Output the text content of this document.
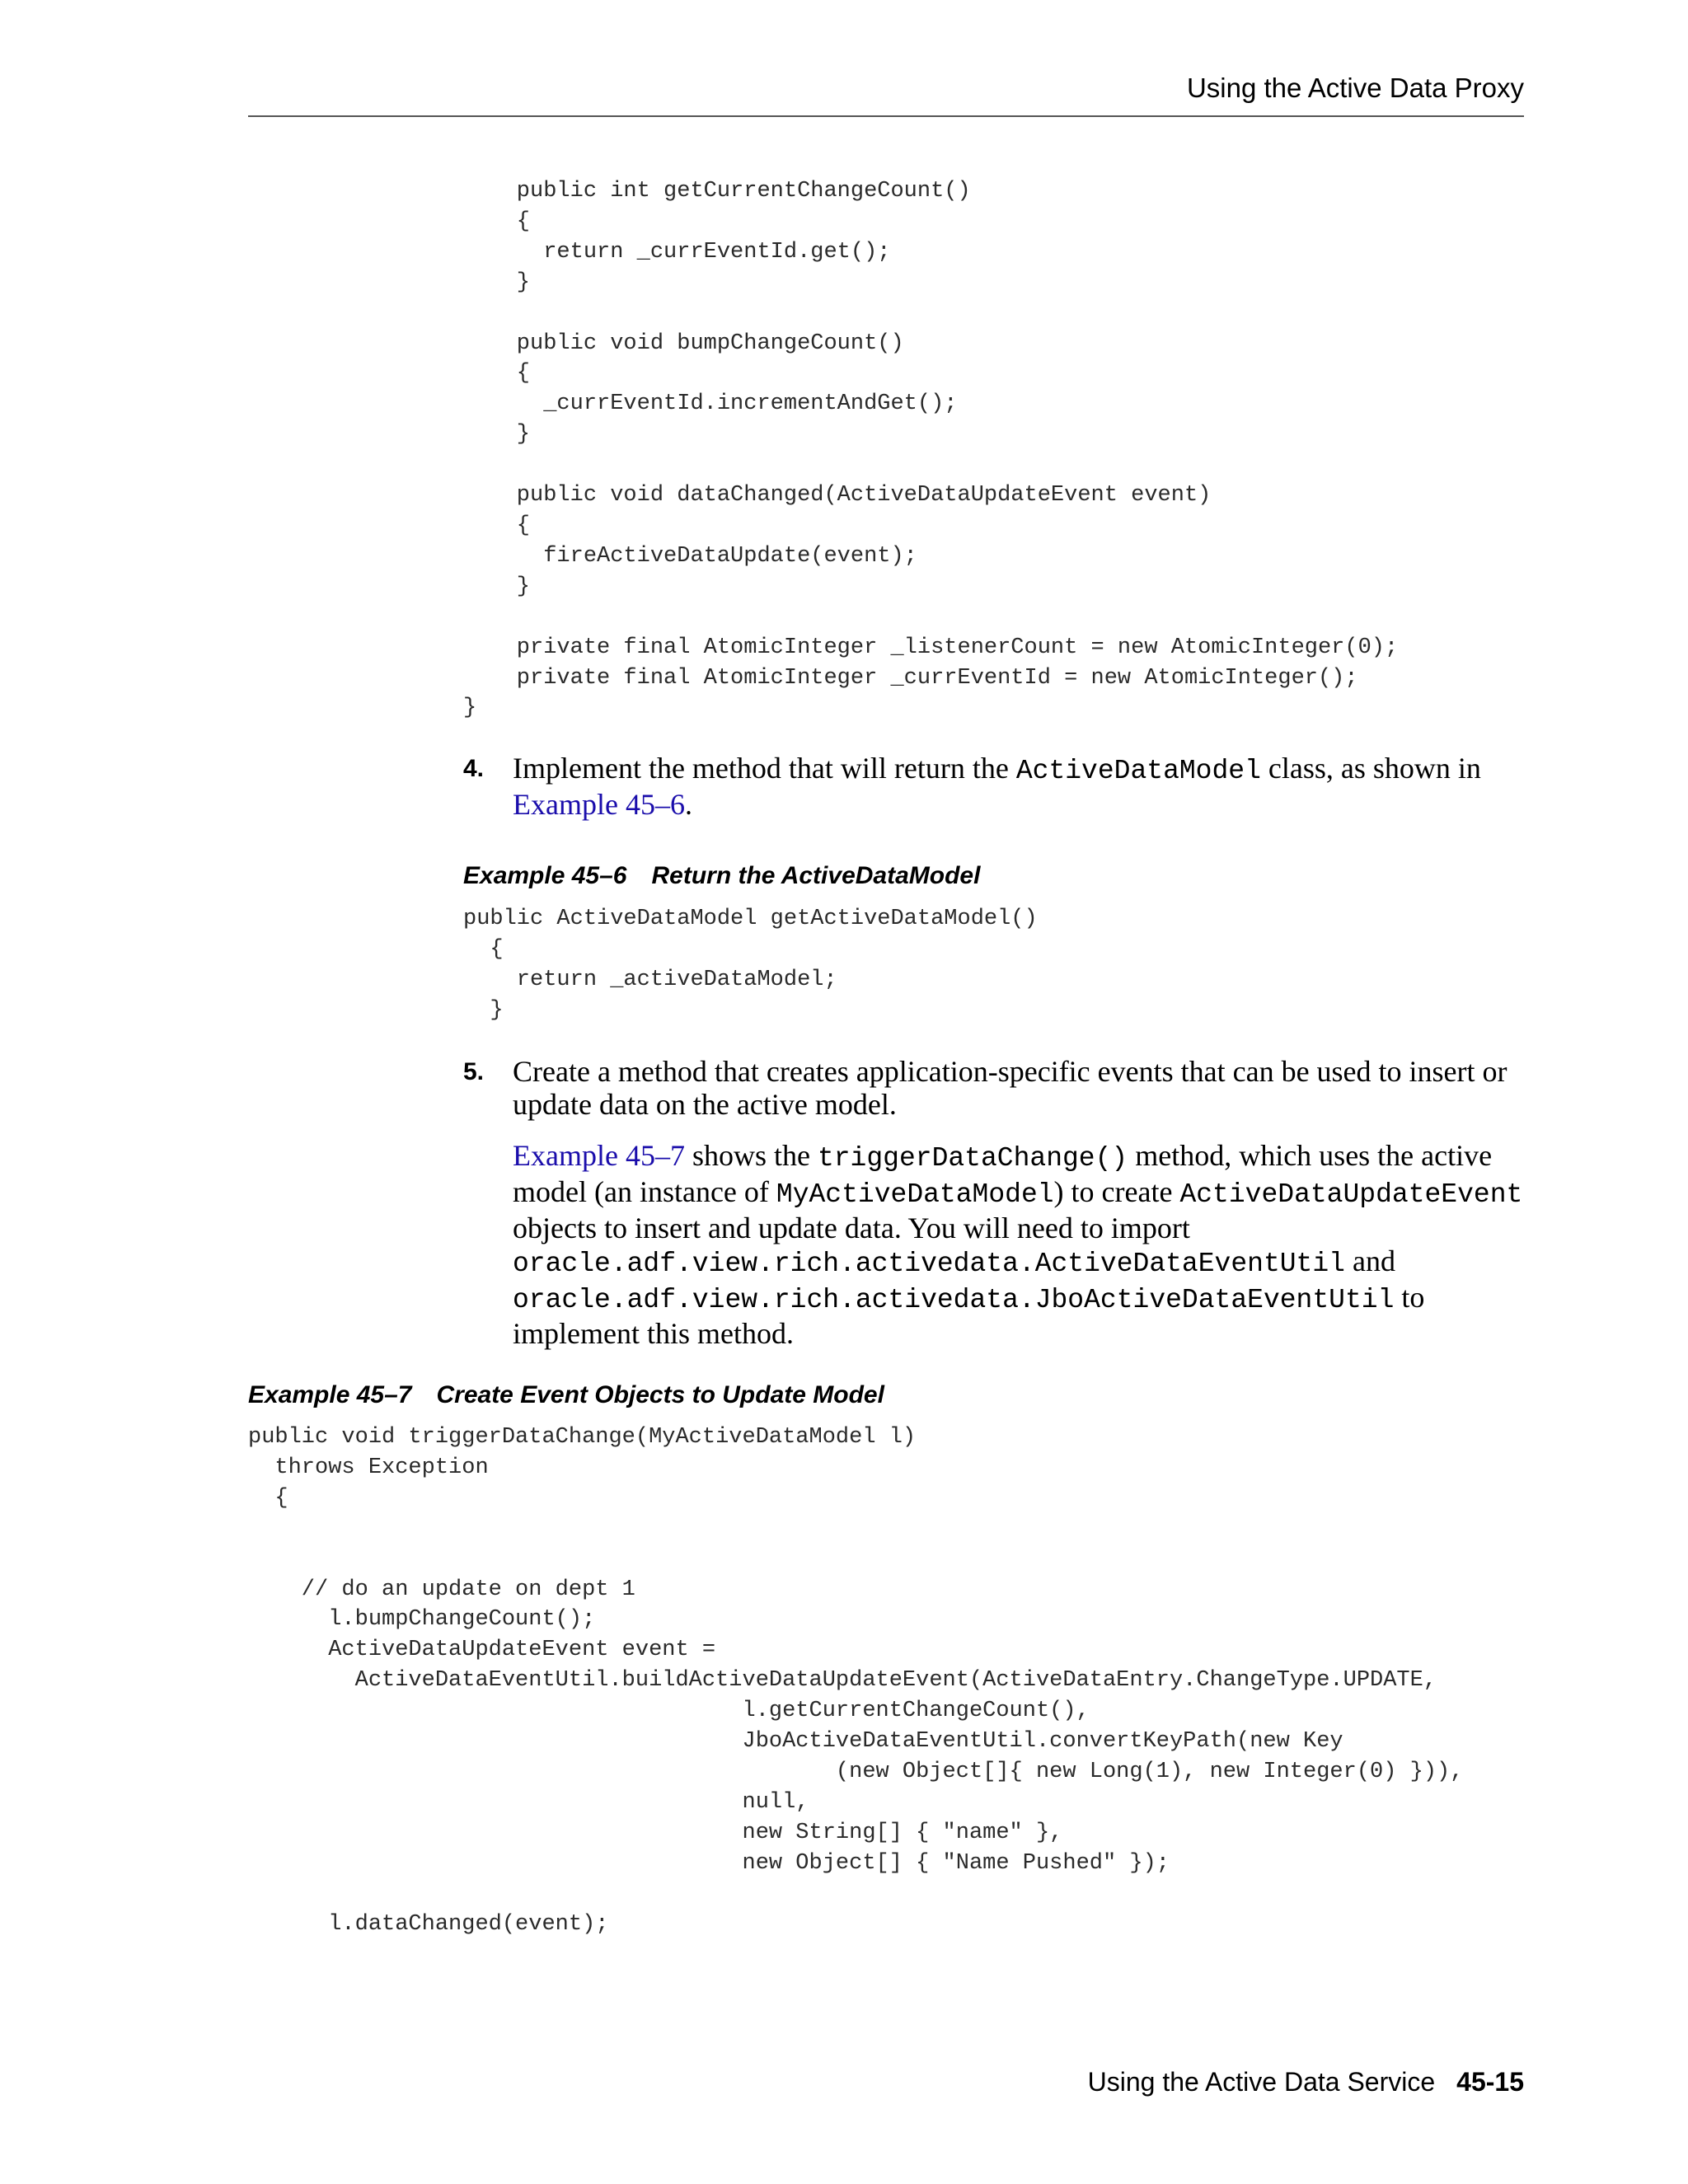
Using the Active Data Proxy
public int getCurrentChangeCount()
{
return _currEventId.get();
}

public void bumpChangeCount()
{
_currEventId.incrementAndGet();
}

public void dataChanged(ActiveDataUpdateEvent event)
{
fireActiveDataUpdate(event);
}

private final AtomicInteger _listenerCount = new AtomicInteger(0);
private final AtomicInteger _currEventId = new AtomicInteger();
}
4. Implement the method that will return the ActiveDataModel class, as shown in
Example 45–6.
Example 45–6 Return the ActiveDataModel
public ActiveDataModel getActiveDataModel()
{
return _activeDataModel;
}
5. Create a method that creates application-specific events that can be used to insert or update data on the active model.
Example 45–7 shows the triggerDataChange() method, which uses the active model (an instance of MyActiveDataModel) to create ActiveDataUpdateEvent objects to insert and update data. You will need to import oracle.adf.view.rich.activedata.ActiveDataEventUtil and oracle.adf.view.rich.activedata.JboActiveDataEventUtil to implement this method.
Example 45–7 Create Event Objects to Update Model
public void triggerDataChange(MyActiveDataModel l)
throws Exception
{

// do an update on dept 1
l.bumpChangeCount();
ActiveDataUpdateEvent event =
ActiveDataEventUtil.buildActiveDataUpdateEvent(ActiveDataEntry.ChangeType.UPDATE,
l.getCurrentChangeCount(),
JboActiveDataEventUtil.convertKeyPath(new Key
(new Object[]{ new Long(1), new Integer(0) })),
null,
new String[] { "name" },
new Object[] { "Name Pushed" });

l.dataChanged(event);
Using the Active Data Service 45-15
